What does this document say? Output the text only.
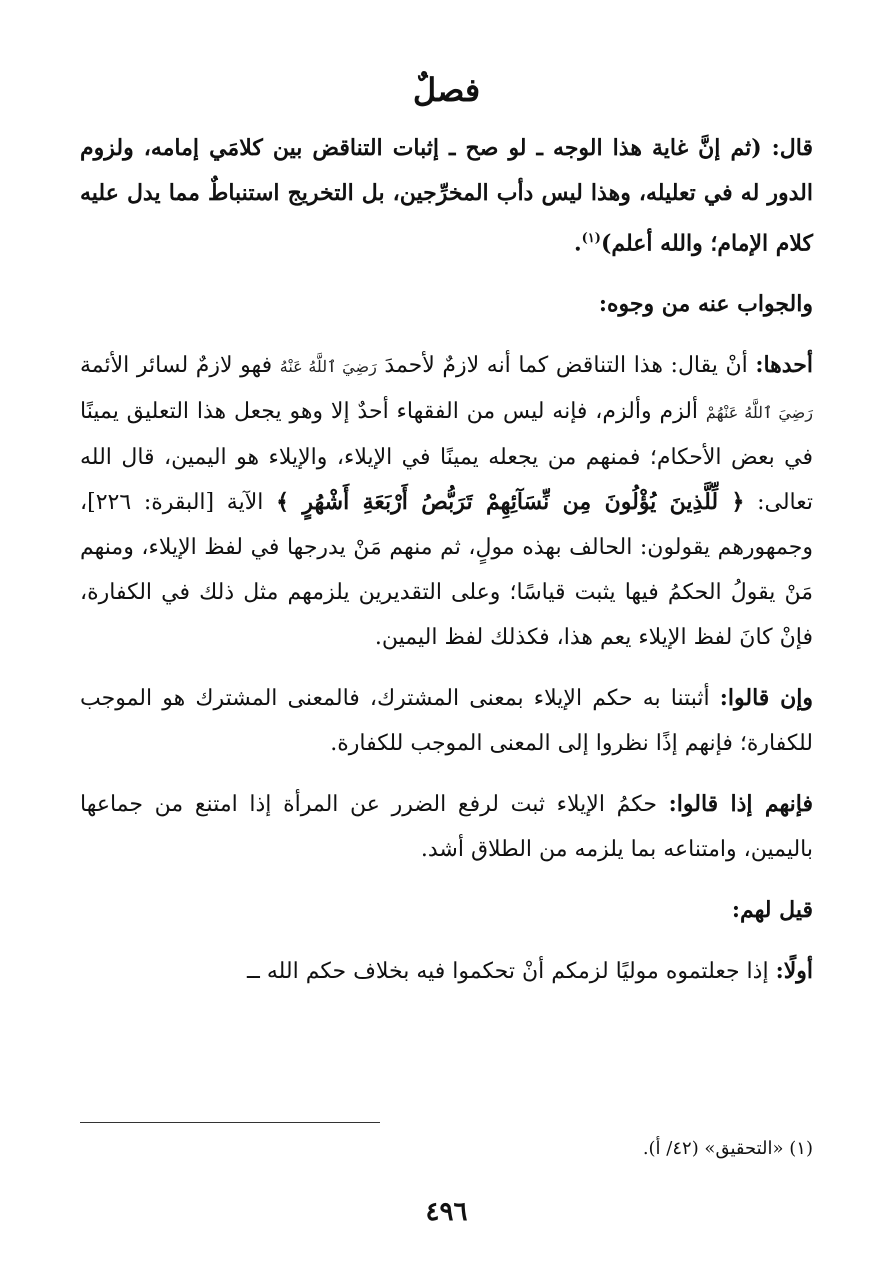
فصلٌ

قال: (ثم إنَّ غاية هذا الوجه ـ لو صح ـ إثبات التناقض بين كلامَي إمامه، ولزوم الدور له في تعليله، وهذا ليس دأب المخرِّجين، بل التخريج استنباطٌ مما يدل عليه كلام الإمام؛ والله أعلم)$^{(١)}$.

والجواب عنه من وجوه:

أحدها: أنْ يقال: هذا التناقض كما أنه لازمٌ لأحمدَ رَضِيَ ٱللَّهُ عَنْهُ فهو لازمٌ لسائر الأئمة رَضِيَ ٱللَّهُ عَنْهُمْ ألزم وألزم، فإنه ليس من الفقهاء أحدٌ إلا وهو يجعل هذا التعليق يمينًا في بعض الأحكام؛ فمنهم من يجعله يمينًا في الإيلاء، والإيلاء هو اليمين، قال الله تعالى: ﴿ لِّلَّذِينَ يُؤْلُونَ مِن نِّسَآئِهِمْ تَرَبُّصُ أَرْبَعَةِ أَشْهُرٍ ﴾ الآية [البقرة: ٢٢٦]، وجمهورهم يقولون: الحالف بهذه مولٍ، ثم منهم مَنْ يدرجها في لفظ الإيلاء، ومنهم مَنْ يقولُ الحكمُ فيها يثبت قياسًا؛ وعلى التقديرين يلزمهم مثل ذلك في الكفارة، فإنْ كانَ لفظ الإيلاء يعم هذا، فكذلك لفظ اليمين.

وإن قالوا: أثبتنا به حكم الإيلاء بمعنى المشترك، فالمعنى المشترك هو الموجب للكفارة؛ فإنهم إذًا نظروا إلى المعنى الموجب للكفارة.

فإنهم إذا قالوا: حكمُ الإيلاء ثبت لرفع الضرر عن المرأة إذا امتنع من جماعها باليمين، وامتناعه بما يلزمه من الطلاق أشد.

قيل لهم:

أولًا: إذا جعلتموه موليًا لزمكم أنْ تحكموا فيه بخلاف حكم الله ــ

(١) «التحقيق» (٤٢/ أ).
٤٩٦
